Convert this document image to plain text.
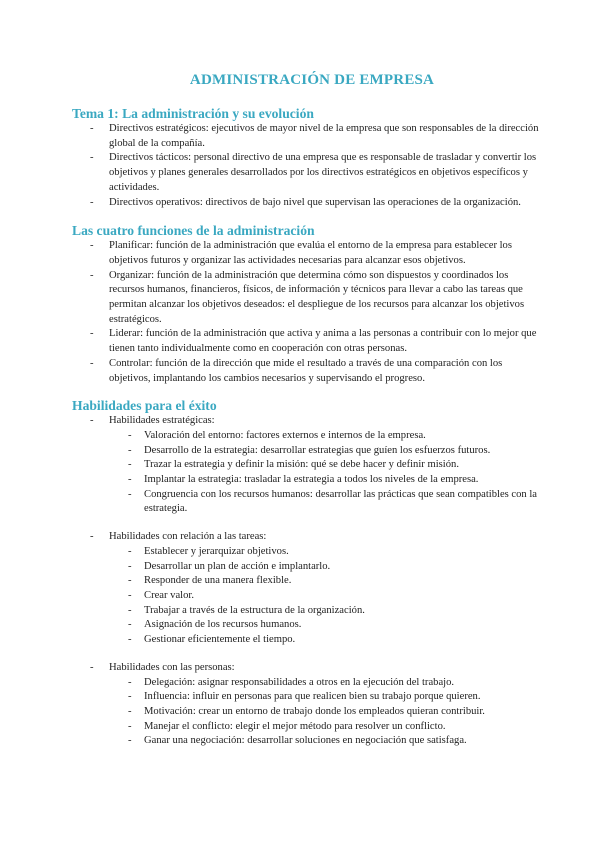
ADMINISTRACIÓN DE EMPRESA
Tema 1: La administración y su evolución
- Directivos estratégicos: ejecutivos de mayor nivel de la empresa que son responsables de la dirección global de la compañía.
- Directivos tácticos: personal directivo de una empresa que es responsable de trasladar y convertir los objetivos y planes generales desarrollados por los directivos estratégicos en objetivos específicos y actividades.
- Directivos operativos: directivos de bajo nivel que supervisan las operaciones de la organización.
Las cuatro funciones de la administración
- Planificar: función de la administración que evalúa el entorno de la empresa para establecer los objetivos futuros y organizar las actividades necesarias para alcanzar esos objetivos.
- Organizar: función de la administración que determina cómo son dispuestos y coordinados los recursos humanos, financieros, físicos, de información y técnicos para llevar a cabo las tareas que permitan alcanzar los objetivos deseados: el despliegue de los recursos para alcanzar los objetivos estratégicos.
- Liderar: función de la administración que activa y anima a las personas a contribuir con lo mejor que tienen tanto individualmente como en cooperación con otras personas.
- Controlar: función de la dirección que mide el resultado a través de una comparación con los objetivos, implantando los cambios necesarios y supervisando el progreso.
Habilidades para el éxito
- Habilidades estratégicas:
- Valoración del entorno: factores externos e internos de la empresa.
- Desarrollo de la estrategia: desarrollar estrategias que guíen los esfuerzos futuros.
- Trazar la estrategia y definir la misión: qué se debe hacer y definir misión.
- Implantar la estrategia: trasladar la estrategia a todos los niveles de la empresa.
- Congruencia con los recursos humanos: desarrollar las prácticas que sean compatibles con la estrategia.
- Habilidades con relación a las tareas:
- Establecer y jerarquizar objetivos.
- Desarrollar un plan de acción e implantarlo.
- Responder de una manera flexible.
- Crear valor.
- Trabajar a través de la estructura de la organización.
- Asignación de los recursos humanos.
- Gestionar eficientemente el tiempo.
- Habilidades con las personas:
- Delegación: asignar responsabilidades a otros en la ejecución del trabajo.
- Influencia: influir en personas para que realicen bien su trabajo porque quieren.
- Motivación: crear un entorno de trabajo donde los empleados quieran contribuir.
- Manejar el conflicto: elegir el mejor método para resolver un conflicto.
- Ganar una negociación: desarrollar soluciones en negociación que satisfaga.
